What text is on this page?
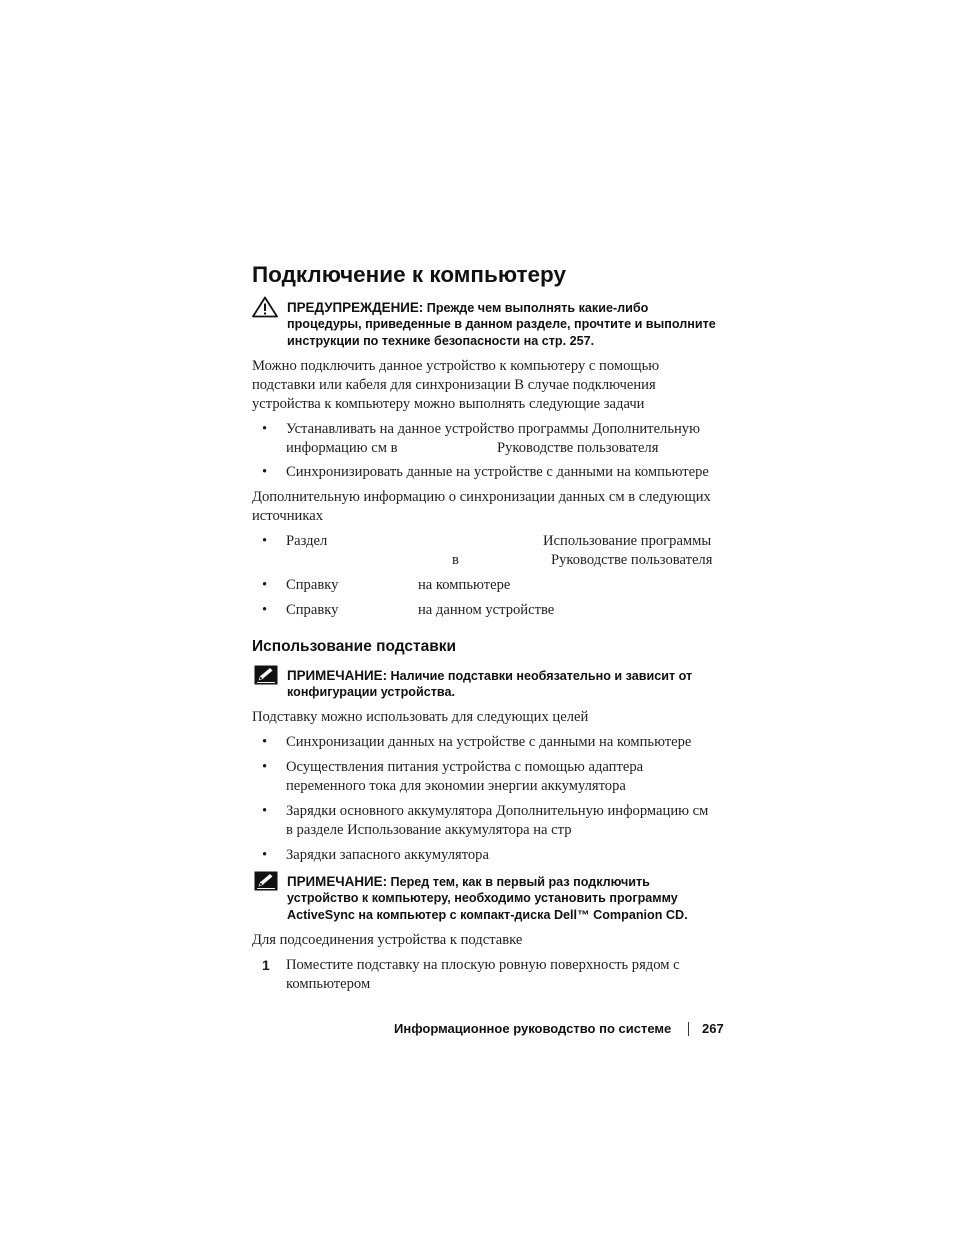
Подключение к компьютеру
ПРЕДУПРЕЖДЕНИЕ: Прежде чем выполнять какие-либо
процедуры, приведенные в данном разделе, прочтите и выполните
инструкции по технике безопасности на стр. 257.
Можно подключить данное устройство к компьютеру с помощью
подставки или кабеля для синхронизации В случае подключения
устройства к компьютеру можно выполнять следующие задачи
• Устанавливать на данное устройство программы Дополнительную
информацию см в	Руководстве пользователя
• Синхронизировать данные на устройстве с данными на компьютере
Дополнительную информацию о синхронизации данных см в следующих
источниках
• Раздел	Использование программы
в	Руководстве пользователя
• Справку	на компьютере
• Справку	на данном устройстве
Использование подставки
ПРИМЕЧАНИЕ: Наличие подставки необязательно и зависит от
конфигурации устройства.
Подставку можно использовать для следующих целей
• Синхронизации данных на устройстве с данными на компьютере
• Осуществления питания устройства с помощью адаптера
переменного тока для экономии энергии аккумулятора
• Зарядки основного аккумулятора Дополнительную информацию см
в разделе Использование аккумулятора на стр
• Зарядки запасного аккумулятора
ПРИМЕЧАНИЕ: Перед тем, как в первый раз подключить
устройство к компьютеру, необходимо установить программу
ActiveSync на компьютер с компакт-диска Dell™ Companion CD.
Для подсоединения устройства к подставке
1 Поместите подставку на плоскую ровную поверхность рядом с
компьютером
Информационное руководство по системе 267
